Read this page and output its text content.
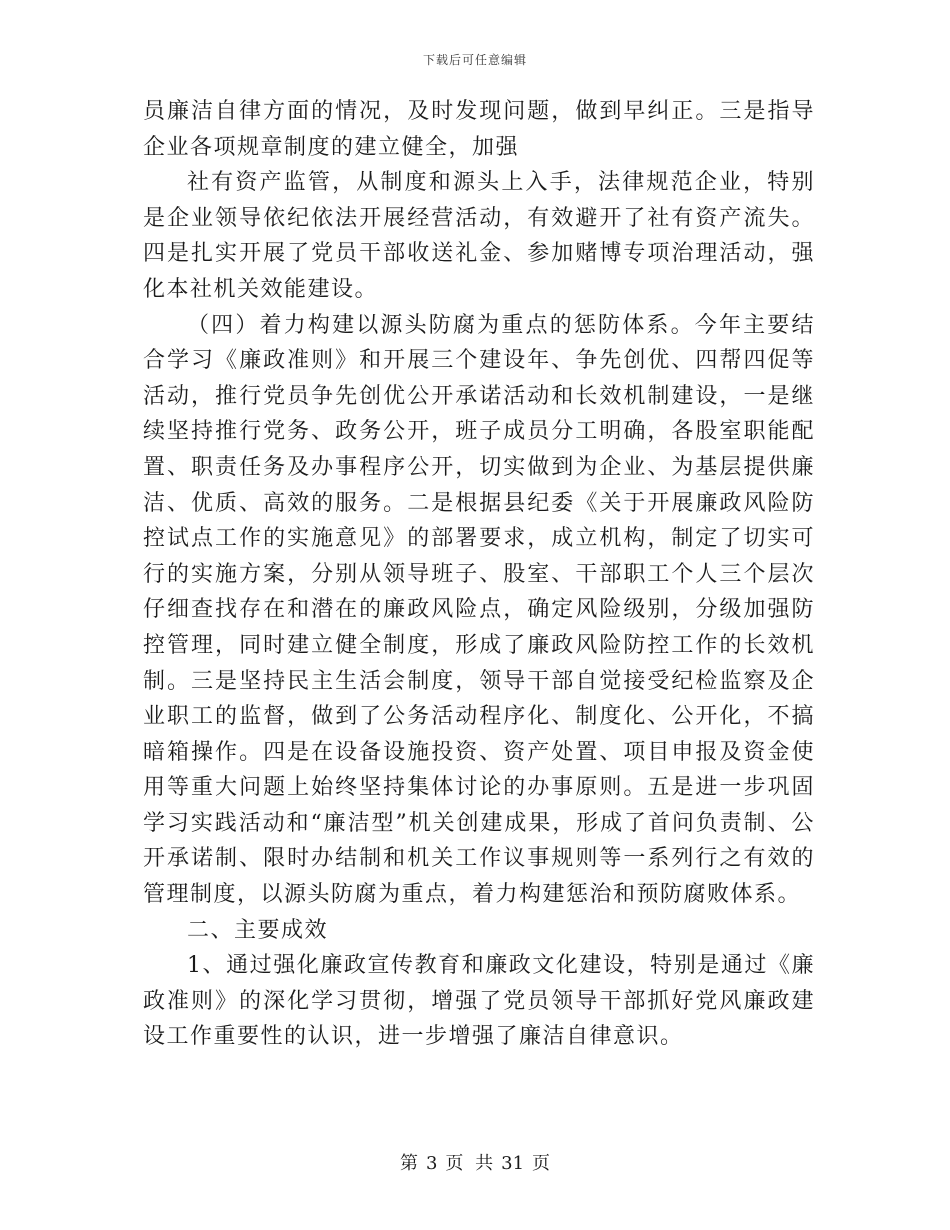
下载后可任意编辑

员廉洁自律方面的情况，及时发现问题，做到早纠正。三是指导企业各项规章制度的建立健全，加强

社有资产监管，从制度和源头上入手，法律规范企业，特别是企业领导依纪依法开展经营活动，有效避开了社有资产流失。四是扎实开展了党员干部收送礼金、参加赌博专项治理活动，强化本社机关效能建设。

（四）着力构建以源头防腐为重点的惩防体系。今年主要结合学习《廉政准则》和开展三个建设年、争先创优、四帮四促等活动，推行党员争先创优公开承诺活动和长效机制建设，一是继续坚持推行党务、政务公开，班子成员分工明确，各股室职能配置、职责任务及办事程序公开，切实做到为企业、为基层提供廉洁、优质、高效的服务。二是根据县纪委《关于开展廉政风险防控试点工作的实施意见》的部署要求，成立机构，制定了切实可行的实施方案，分别从领导班子、股室、干部职工个人三个层次仔细查找存在和潜在的廉政风险点，确定风险级别，分级加强防控管理，同时建立健全制度，形成了廉政风险防控工作的长效机制。三是坚持民主生活会制度，领导干部自觉接受纪检监察及企业职工的监督，做到了公务活动程序化、制度化、公开化，不搞暗箱操作。四是在设备设施投资、资产处置、项目申报及资金使用等重大问题上始终坚持集体讨论的办事原则。五是进一步巩固学习实践活动和“廉洁型”机关创建成果，形成了首问负责制、公开承诺制、限时办结制和机关工作议事规则等一系列行之有效的管理制度，以源头防腐为重点，着力构建惩治和预防腐败体系。

二、主要成效

1、通过强化廉政宣传教育和廉政文化建设，特别是通过《廉政准则》的深化学习贯彻，增强了党员领导干部抓好党风廉政建设工作重要性的认识，进一步增强了廉洁自律意识。

第 3 页 共 31 页
